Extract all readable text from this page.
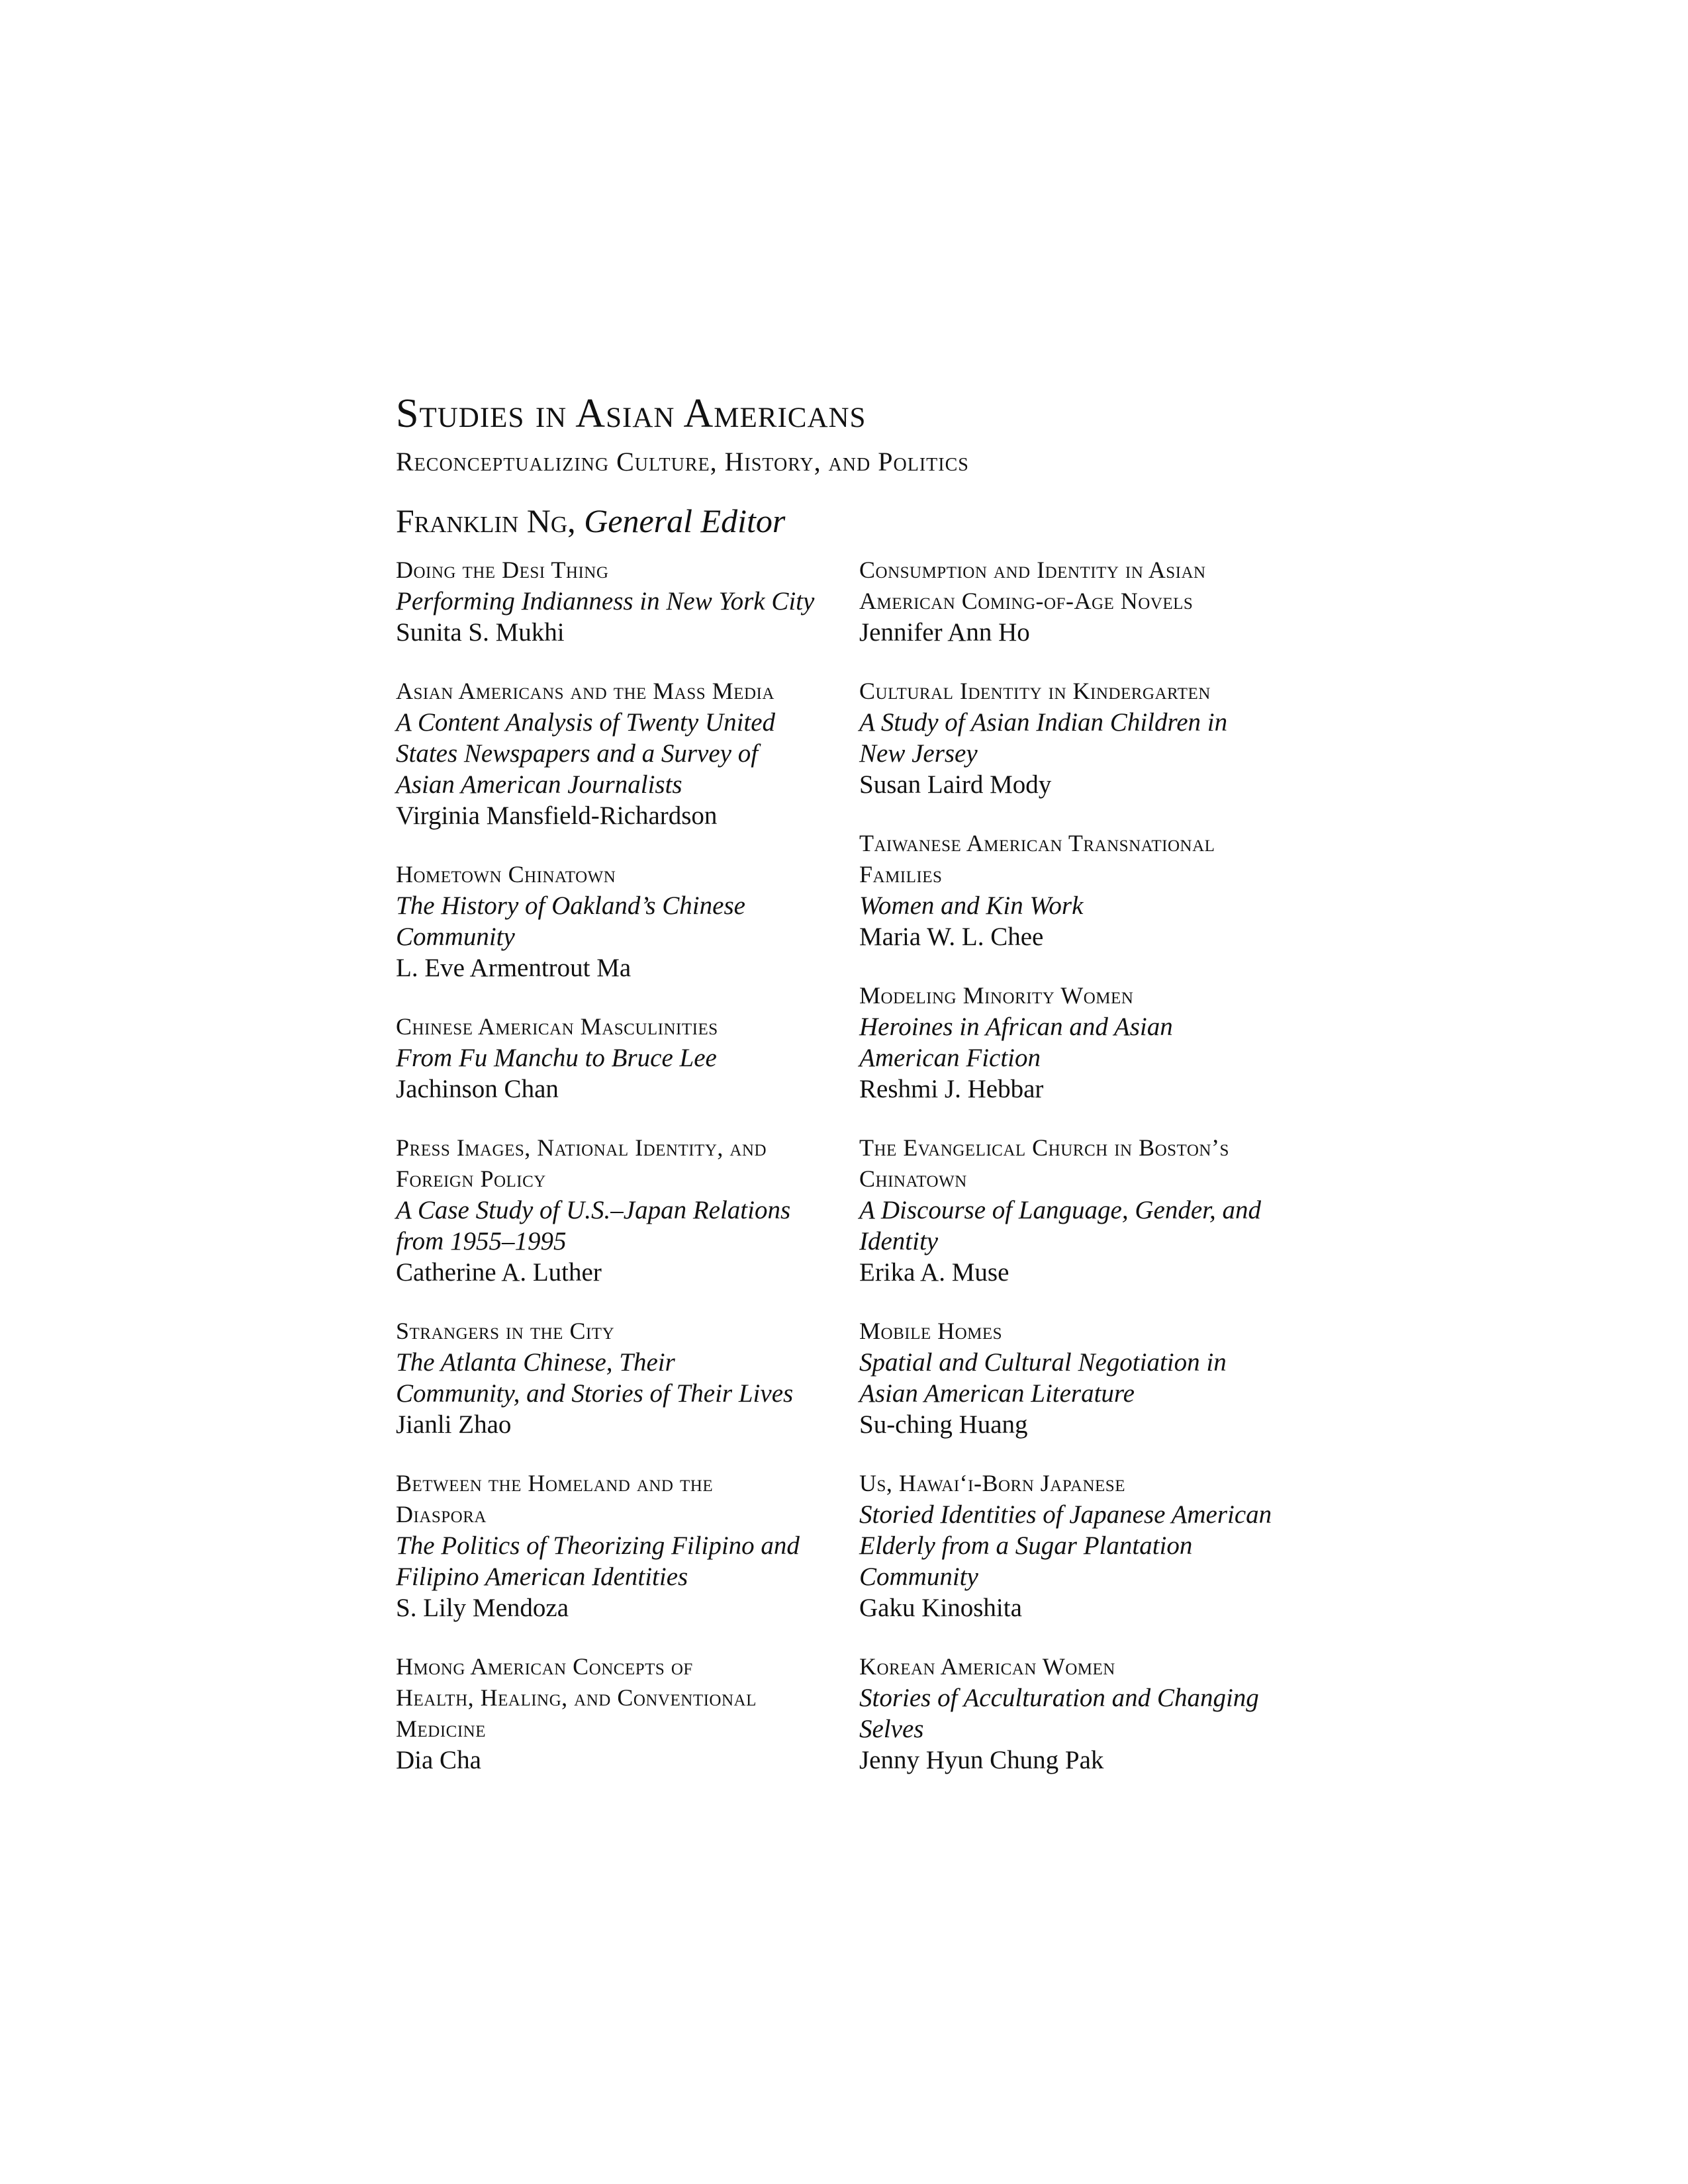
Studies in Asian Americans
Reconceptualizing Culture, History, and Politics
Franklin Ng, General Editor
Doing the Desi Thing
Performing Indianness in New York City
Sunita S. Mukhi
Asian Americans and the Mass Media
A Content Analysis of Twenty United
States Newspapers and a Survey of
Asian American Journalists
Virginia Mansfield-Richardson
Hometown Chinatown
The History of Oakland’s Chinese
Community
L. Eve Armentrout Ma
Chinese American Masculinities
From Fu Manchu to Bruce Lee
Jachinson Chan
Press Images, National Identity, and
Foreign Policy
A Case Study of U.S.–Japan Relations
from 1955–1995
Catherine A. Luther
Strangers in the City
The Atlanta Chinese, Their
Community, and Stories of Their Lives
Jianli Zhao
Between the Homeland and the
Diaspora
The Politics of Theorizing Filipino and
Filipino American Identities
S. Lily Mendoza
Hmong American Concepts of
Health, Healing, and Conventional
Medicine
Dia Cha
Consumption and Identity in Asian
American Coming-of-Age Novels
Jennifer Ann Ho
Cultural Identity in Kindergarten
A Study of Asian Indian Children in
New Jersey
Susan Laird Mody
Taiwanese American Transnational
Families
Women and Kin Work
Maria W. L. Chee
Modeling Minority Women
Heroines in African and Asian
American Fiction
Reshmi J. Hebbar
The Evangelical Church in Boston’s
Chinatown
A Discourse of Language, Gender, and
Identity
Erika A. Muse
Mobile Homes
Spatial and Cultural Negotiation in
Asian American Literature
Su-ching Huang
Us, Hawai‘i-Born Japanese
Storied Identities of Japanese American
Elderly from a Sugar Plantation
Community
Gaku Kinoshita
Korean American Women
Stories of Acculturation and Changing
Selves
Jenny Hyun Chung Pak
